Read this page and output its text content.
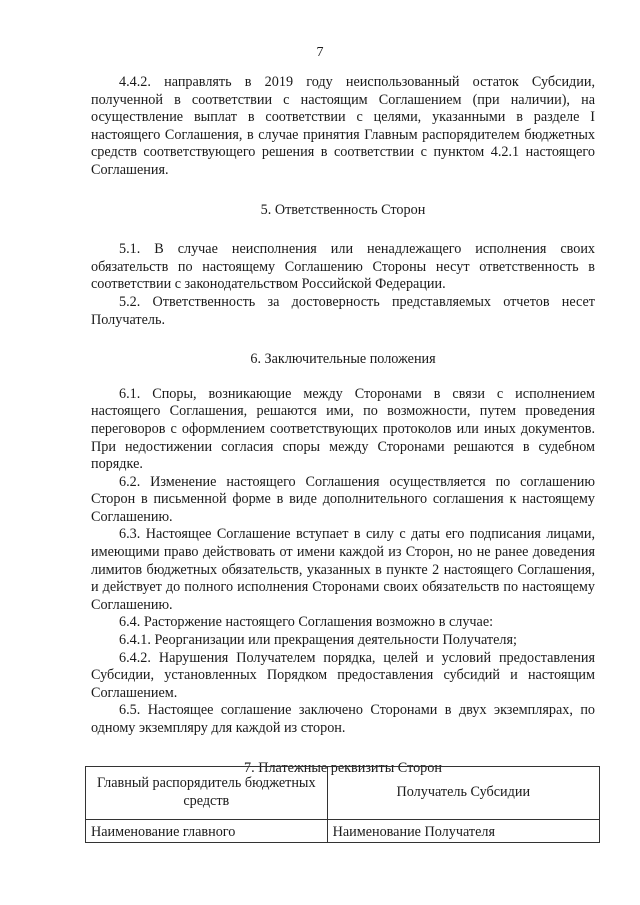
7

4.4.2. направлять в 2019 году неиспользованный остаток Субсидии, полученной в соответствии с настоящим Соглашением (при наличии), на осуществление выплат в соответствии с целями, указанными в разделе I настоящего Соглашения, в случае принятия Главным распорядителем бюджетных средств соответствующего решения в соответствии с пунктом 4.2.1 настоящего Соглашения.

5. Ответственность Сторон

5.1. В случае неисполнения или ненадлежащего исполнения своих обязательств по настоящему Соглашению Стороны несут ответственность в соответствии с законодательством Российской Федерации.

5.2. Ответственность за достоверность представляемых отчетов несет Получатель.

6. Заключительные положения

6.1. Споры, возникающие между Сторонами в связи с исполнением настоящего Соглашения, решаются ими, по возможности, путем проведения переговоров с оформлением соответствующих протоколов или иных документов. При недостижении согласия споры между Сторонами решаются в судебном порядке.

6.2. Изменение настоящего Соглашения осуществляется по соглашению Сторон в письменной форме в виде дополнительного соглашения к настоящему Соглашению.

6.3. Настоящее Соглашение вступает в силу с даты его подписания лицами, имеющими право действовать от имени каждой из Сторон, но не ранее доведения лимитов бюджетных обязательств, указанных в пункте 2 настоящего Соглашения, и действует до полного исполнения Сторонами своих обязательств по настоящему Соглашению.

6.4. Расторжение настоящего Соглашения возможно в случае:

6.4.1. Реорганизации или прекращения деятельности Получателя;

6.4.2. Нарушения Получателем порядка, целей и условий предоставления Субсидии, установленных Порядком предоставления субсидий и настоящим Соглашением.

6.5. Настоящее соглашение заключено Сторонами в двух экземплярах, по одному экземпляру для каждой из сторон.

7. Платежные реквизиты Сторон
Главный распорядитель бюджетных средств	Получатель Субсидии
Наименование главного	Наименование Получателя
